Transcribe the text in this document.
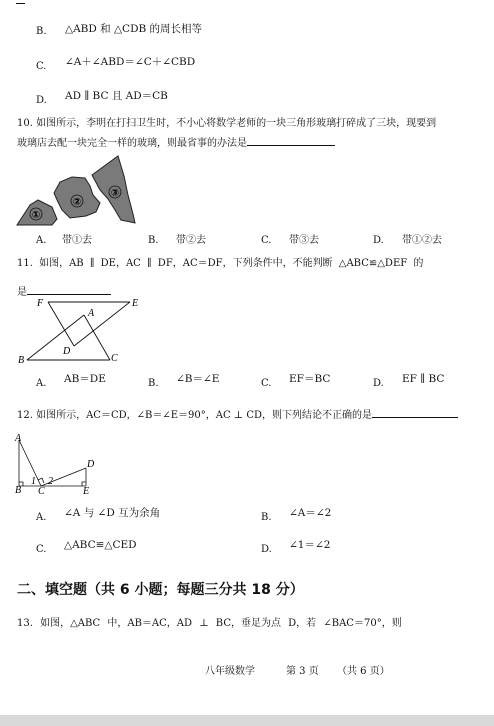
B. △ABD 和 △CDB 的周长相等
C. ∠A＋∠ABD＝∠C＋∠CBD
D. AD ∥ BC 且 AD＝CB
10. 如图所示，李明在打扫卫生时，不小心将数学老师的一块三角形玻璃打碎成了三块，现要到
玻璃店去配一块完全一样的玻璃，则最省事的办法是
①
②
③
A. 带①去	B. 带②去	C. 带③去	D. 带①②去
11. 如图，AB ∥ DE，AC ∥ DF，AC＝DF，下列条件中，不能判断 △ABC≌△DEF 的
是
F	E
A
D
B	C
A. AB＝DE	B. ∠B＝∠E	C. EF＝BC	D. EF ∥ BC
12. 如图所示，AC＝CD，∠B＝∠E＝90°，AC ⊥ CD，则下列结论不正确的是
A
D
B C	E
1 2
A. ∠A 与 ∠D 互为余角	B. ∠A＝∠2
C. △ABC≌△CED	D. ∠1＝∠2
二、填空题（共 6 小题；每题三分共 18 分）
13. 如图，△ABC 中，AB＝AC，AD ⊥ BC，垂足为点 D，若 ∠BAC＝70°，则
八年级数学	第 3 页 （共 6 页）
